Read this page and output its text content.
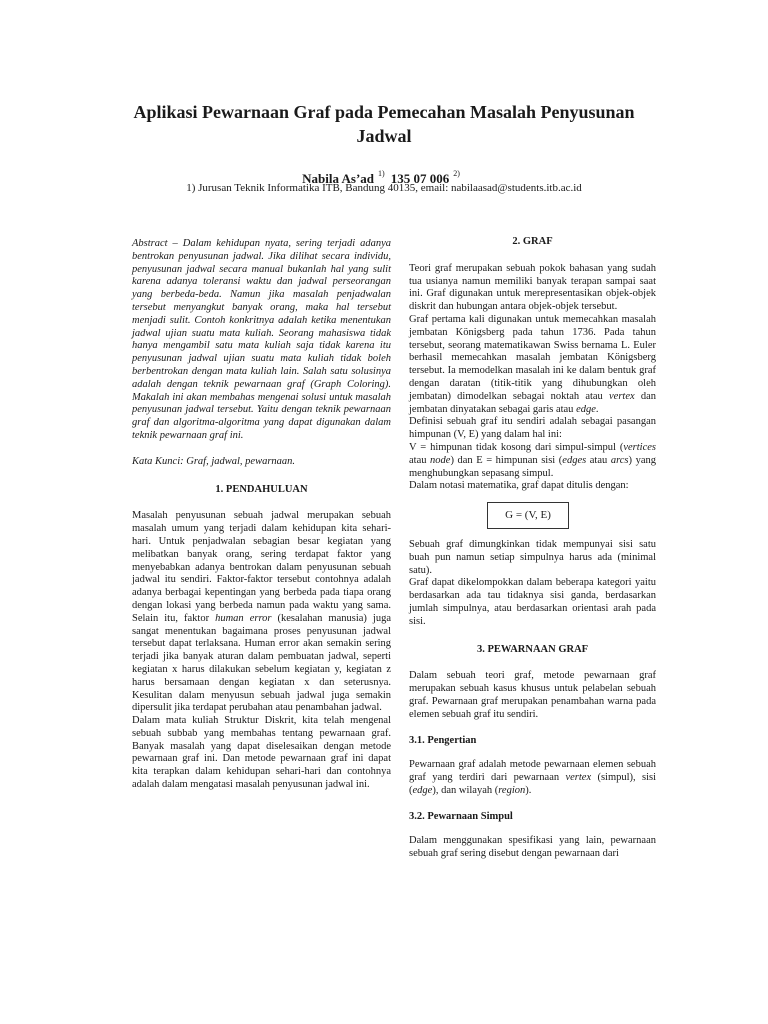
Aplikasi Pewarnaan Graf pada Pemecahan Masalah Penyusunan Jadwal
Nabila As’ad $^{1)}$ 135 07 006 $^{2)}$
1) Jurusan Teknik Informatika ITB, Bandung 40135, email: nabilaasad@students.itb.ac.id

Abstract – Dalam kehidupan nyata, sering terjadi adanya bentrokan penyusunan jadwal. Jika dilihat secara individu, penyusunan jadwal secara manual bukanlah hal yang sulit karena adanya toleransi waktu dan jadwal perseorangan yang berbeda-beda. Namun jika masalah penjadwalan tersebut menyangkut banyak orang, maka hal tersebut menjadi sulit. Contoh konkritnya adalah ketika menentukan jadwal ujian suatu mata kuliah. Seorang mahasiswa tidak hanya mengambil satu mata kuliah saja tidak karena itu penyusunan jadwal ujian suatu mata kuliah tidak boleh berbentrokan dengan mata kuliah lain. Salah satu solusinya adalah dengan teknik pewarnaan graf (Graph Coloring). Makalah ini akan membahas mengenai solusi untuk masalah penyusunan jadwal tersebut. Yaitu dengan teknik pewarnaan graf dan algoritma-algoritma yang dapat digunakan dalam teknik pewarnaan graf ini.

Kata Kunci: Graf, jadwal, pewarnaan.

1. PENDAHULUAN

Masalah penyusunan sebuah jadwal merupakan sebuah masalah umum yang terjadi dalam kehidupan kita sehari-hari. Untuk penjadwalan sebagian besar kegiatan yang melibatkan banyak orang, sering terdapat faktor yang menyebabkan adanya bentrokan dalam penyusunan sebuah jadwal itu sendiri. Faktor-faktor tersebut contohnya adalah adanya berbagai kepentingan yang berbeda pada tiapa orang dengan lokasi yang berbeda namun pada waktu yang sama. Selain itu, faktor human error (kesalahan manusia) juga sangat menentukan bagaimana proses penyusunan jadwal tersebut dapat terlaksana. Human error akan semakin sering terjadi jika banyak aturan dalam pembuatan jadwal, seperti kegiatan x harus dilakukan sebelum kegiatan y, kegiatan z harus bersamaan dengan kegiatan x dan seterusnya. Kesulitan dalam menyusun sebuah jadwal juga semakin dipersulit jika terdapat perubahan atau penambahan jadwal.

Dalam mata kuliah Struktur Diskrit, kita telah mengenal sebuah subbab yang membahas tentang pewarnaan graf. Banyak masalah yang dapat diselesaikan dengan metode pewarnaan graf ini. Dan metode pewarnaan graf ini dapat kita terapkan dalam kehidupan sehari-hari dan contohnya adalah dalam mengatasi masalah penyusunan jadwal ini.

2. GRAF

Teori graf merupakan sebuah pokok bahasan yang sudah tua usianya namun memiliki banyak terapan sampai saat ini. Graf digunakan untuk merepresentasikan objek-objek diskrit dan hubungan antara objek-objek tersebut.

Graf pertama kali digunakan untuk memecahkan masalah jembatan Königsberg pada tahun 1736. Pada tahun tersebut, seorang matematikawan Swiss bernama L. Euler berhasil memecahkan masalah jembatan Königsberg tersebut. Ia memodelkan masalah ini ke dalam bentuk graf dengan daratan (titik-titik yang dihubungkan oleh jembatan) dimodelkan sebagai noktah atau vertex dan jembatan dinyatakan sebagai garis atau edge.

Definisi sebuah graf itu sendiri adalah sebagai pasangan himpunan (V, E) yang dalam hal ini:

V = himpunan tidak kosong dari simpul-simpul (vertices atau node) dan E = himpunan sisi (edges atau arcs) yang menghubungkan sepasang simpul.

Dalam notasi matematika, graf dapat ditulis dengan:

G = (V, E)

Sebuah graf dimungkinkan tidak mempunyai sisi satu buah pun namun setiap simpulnya harus ada (minimal satu).

Graf dapat dikelompokkan dalam beberapa kategori yaitu berdasarkan ada tau tidaknya sisi ganda, berdasarkan jumlah simpulnya, atau berdasarkan orientasi arah pada sisi.

3. PEWARNAAN GRAF

Dalam sebuah teori graf, metode pewarnaan graf merupakan sebuah kasus khusus untuk pelabelan sebuah graf. Pewarnaan graf merupakan penambahan warna pada elemen sebuah graf itu sendiri.

3.1. Pengertian

Pewarnaan graf adalah metode pewarnaan elemen sebuah graf yang terdiri dari pewarnaan vertex (simpul), sisi (edge), dan wilayah (region).

3.2. Pewarnaan Simpul

Dalam menggunakan spesifikasi yang lain, pewarnaan sebuah graf sering disebut dengan pewarnaan dari
